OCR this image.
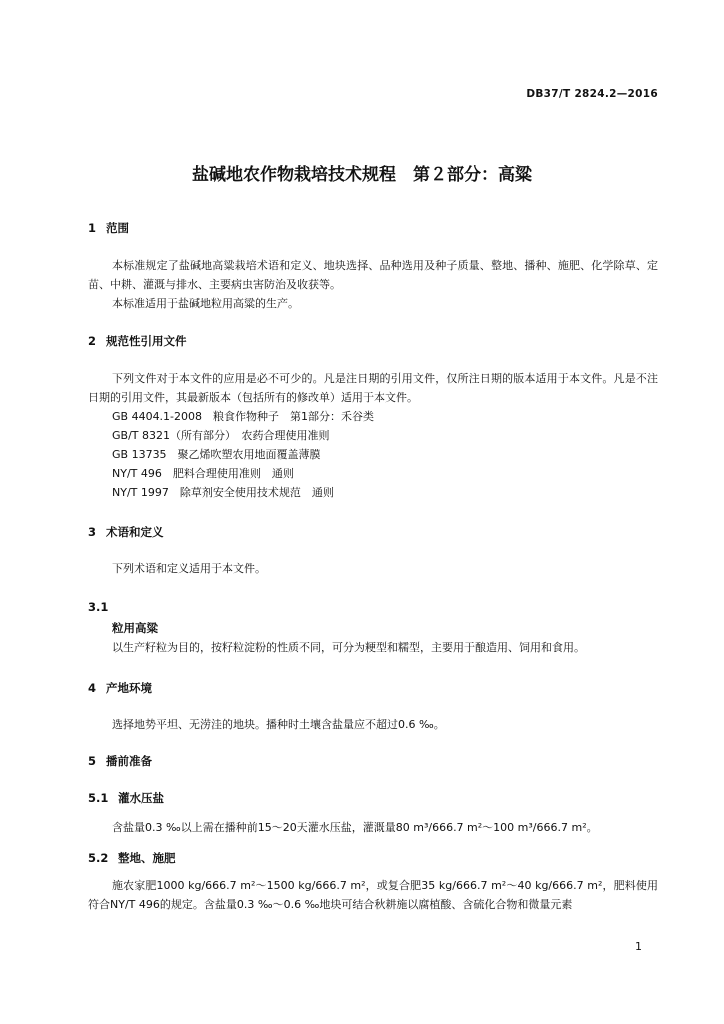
DB37/T 2824.2—2016
盐碱地农作物栽培技术规程　第２部分：高粱
1 范围
本标准规定了盐碱地高粱栽培术语和定义、地块选择、品种选用及种子质量、整地、播种、施肥、化学除草、定苗、中耕、灌溉与排水、主要病虫害防治及收获等。
本标准适用于盐碱地粒用高粱的生产。
2 规范性引用文件
下列文件对于本文件的应用是必不可少的。凡是注日期的引用文件，仅所注日期的版本适用于本文件。凡是不注日期的引用文件，其最新版本（包括所有的修改单）适用于本文件。
GB 4404.1-2008　粮食作物种子　第1部分：禾谷类
GB/T 8321（所有部分）　农药合理使用准则
GB 13735　聚乙烯吹塑农用地面覆盖薄膜
NY/T 496　肥料合理使用准则　通则
NY/T 1997　除草剂安全使用技术规范　通则
3 术语和定义
下列术语和定义适用于本文件。
3.1
粒用高粱
以生产籽粒为目的，按籽粒淀粉的性质不同，可分为粳型和糯型，主要用于酿造用、饲用和食用。
4 产地环境
选择地势平坦、无涝洼的地块。播种时土壤含盐量应不超过0.6 ‰。
5 播前准备
5.1 灌水压盐
含盐量0.3 ‰以上需在播种前15～20天灌水压盐，灌溉量80 m³/666.7 m²～100 m³/666.7 m²。
5.2 整地、施肥
施农家肥1000 kg/666.7 m²～1500 kg/666.7 m²，或复合肥35 kg/666.7 m²～40 kg/666.7 m²，肥料使用符合NY/T 496的规定。含盐量0.3 ‰～0.6 ‰地块可结合秋耕施以腐植酸、含硫化合物和微量元素
1
